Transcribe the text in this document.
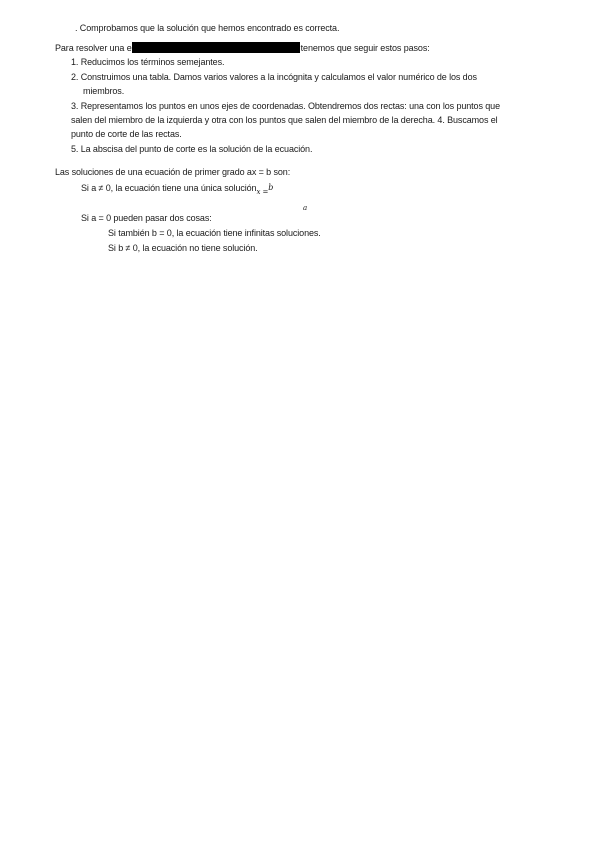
. Comprobamos que la solución que hemos encontrado es correcta.
Para resolver una e	tenemos que seguir estos pasos:
1. Reducimos los términos semejantes.
2. Construimos una tabla. Damos varios valores a la incógnita y calculamos el valor numérico de los dos
miembros.
3. Representamos los puntos en unos ejes de coordenadas. Obtendremos dos rectas: una con los puntos que
salen del miembro de la izquierda y otra con los puntos que salen del miembro de la derecha. 4. Buscamos el
punto de corte de las rectas.
5. La abscisa del punto de corte es la solución de la ecuación.
Las soluciones de una ecuación de primer grado ax = b son:
Si a ≠ 0, la ecuación tiene una única solución$_{x =}$b
a
Si a = 0 pueden pasar dos cosas:
Si también b = 0, la ecuación tiene infinitas soluciones.
Si b ≠ 0, la ecuación no tiene solución.
